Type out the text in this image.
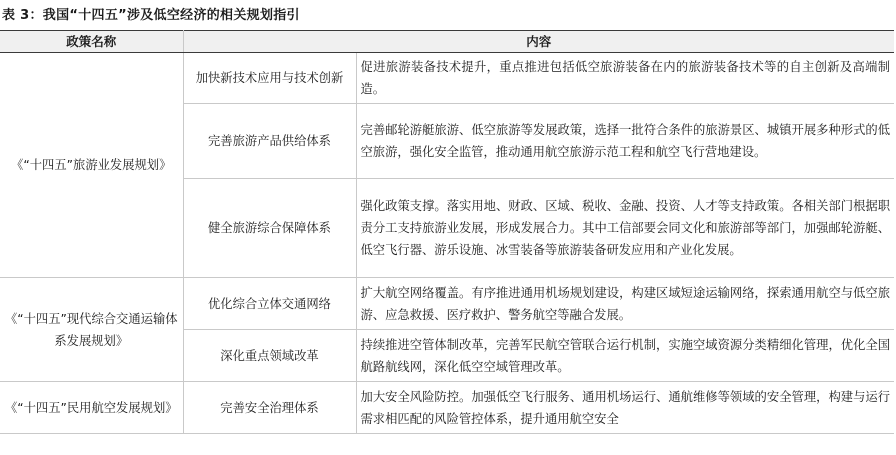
表 3：我国“十四五”涉及低空经济的相关规划指引
政策名称	内容	
《“十四五”旅游业发展规划》	加快新技术应用与技术创新	促进旅游装备技术提升，重点推进包括低空旅游装备在内的旅游装备技术等的自主创新及高端制造。
	完善旅游产品供给体系	完善邮轮游艇旅游、低空旅游等发展政策，选择一批符合条件的旅游景区、城镇开展多种形式的低空旅游，强化安全监管，推动通用航空旅游示范工程和航空飞行营地建设。
	健全旅游综合保障体系	强化政策支撑。落实用地、财政、区域、税收、金融、投资、人才等支持政策。各相关部门根据职责分工支持旅游业发展，形成发展合力。其中工信部要会同文化和旅游部等部门，加强邮轮游艇、低空飞行器、游乐设施、冰雪装备等旅游装备研发应用和产业化发展。
《“十四五”现代综合交通运输体系发展规划》	优化综合立体交通网络	扩大航空网络覆盖。有序推进通用机场规划建设，构建区域短途运输网络，探索通用航空与低空旅游、应急救援、医疗救护、警务航空等融合发展。
	深化重点领域改革	持续推进空管体制改革，完善军民航空管联合运行机制，实施空域资源分类精细化管理，优化全国航路航线网，深化低空空域管理改革。
《“十四五”民用航空发展规划》	完善安全治理体系	加大安全风险防控。加强低空飞行服务、通用机场运行、通航维修等领域的安全管理，构建与运行需求相匹配的风险管控体系，提升通用航空安全
